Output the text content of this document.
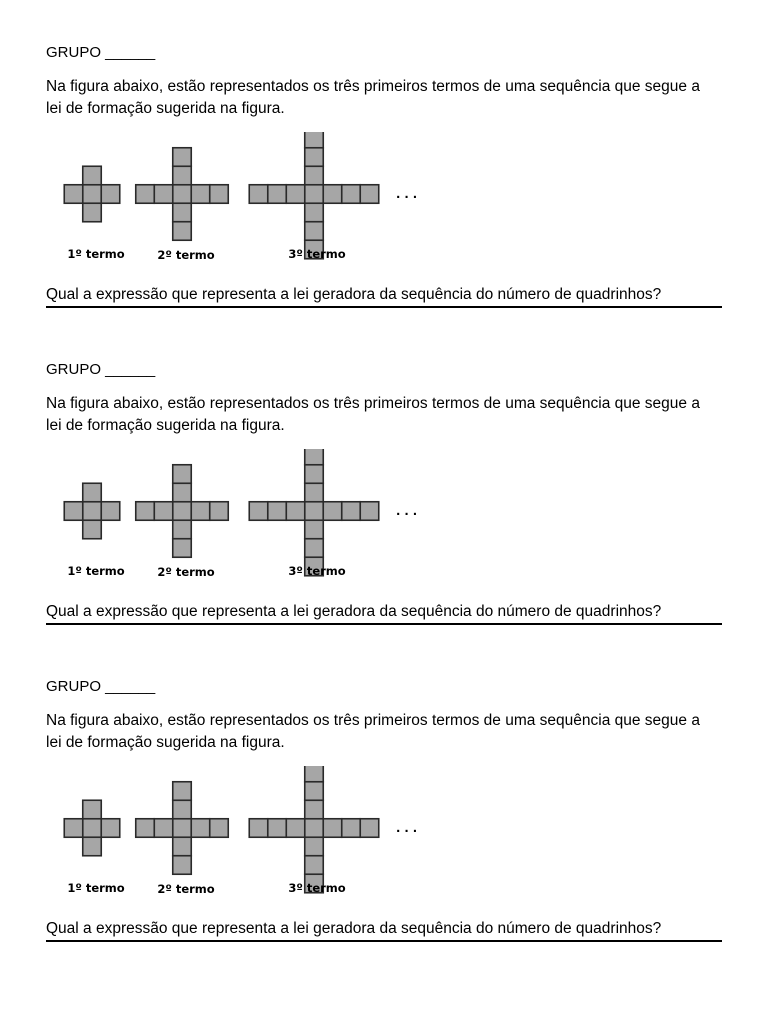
GRUPO ______
Na figura abaixo, estão representados os três primeiros termos de uma sequência que segue a lei de formação sugerida na figura.
1º termo	2º termo	3º termo
. . .
Qual a expressão que representa a lei geradora da sequência do número de quadrinhos?
GRUPO ______
Na figura abaixo, estão representados os três primeiros termos de uma sequência que segue a lei de formação sugerida na figura.
1º termo	2º termo	3º termo
. . .
Qual a expressão que representa a lei geradora da sequência do número de quadrinhos?
GRUPO ______
Na figura abaixo, estão representados os três primeiros termos de uma sequência que segue a lei de formação sugerida na figura.
1º termo	2º termo	3º termo
. . .
Qual a expressão que representa a lei geradora da sequência do número de quadrinhos?
